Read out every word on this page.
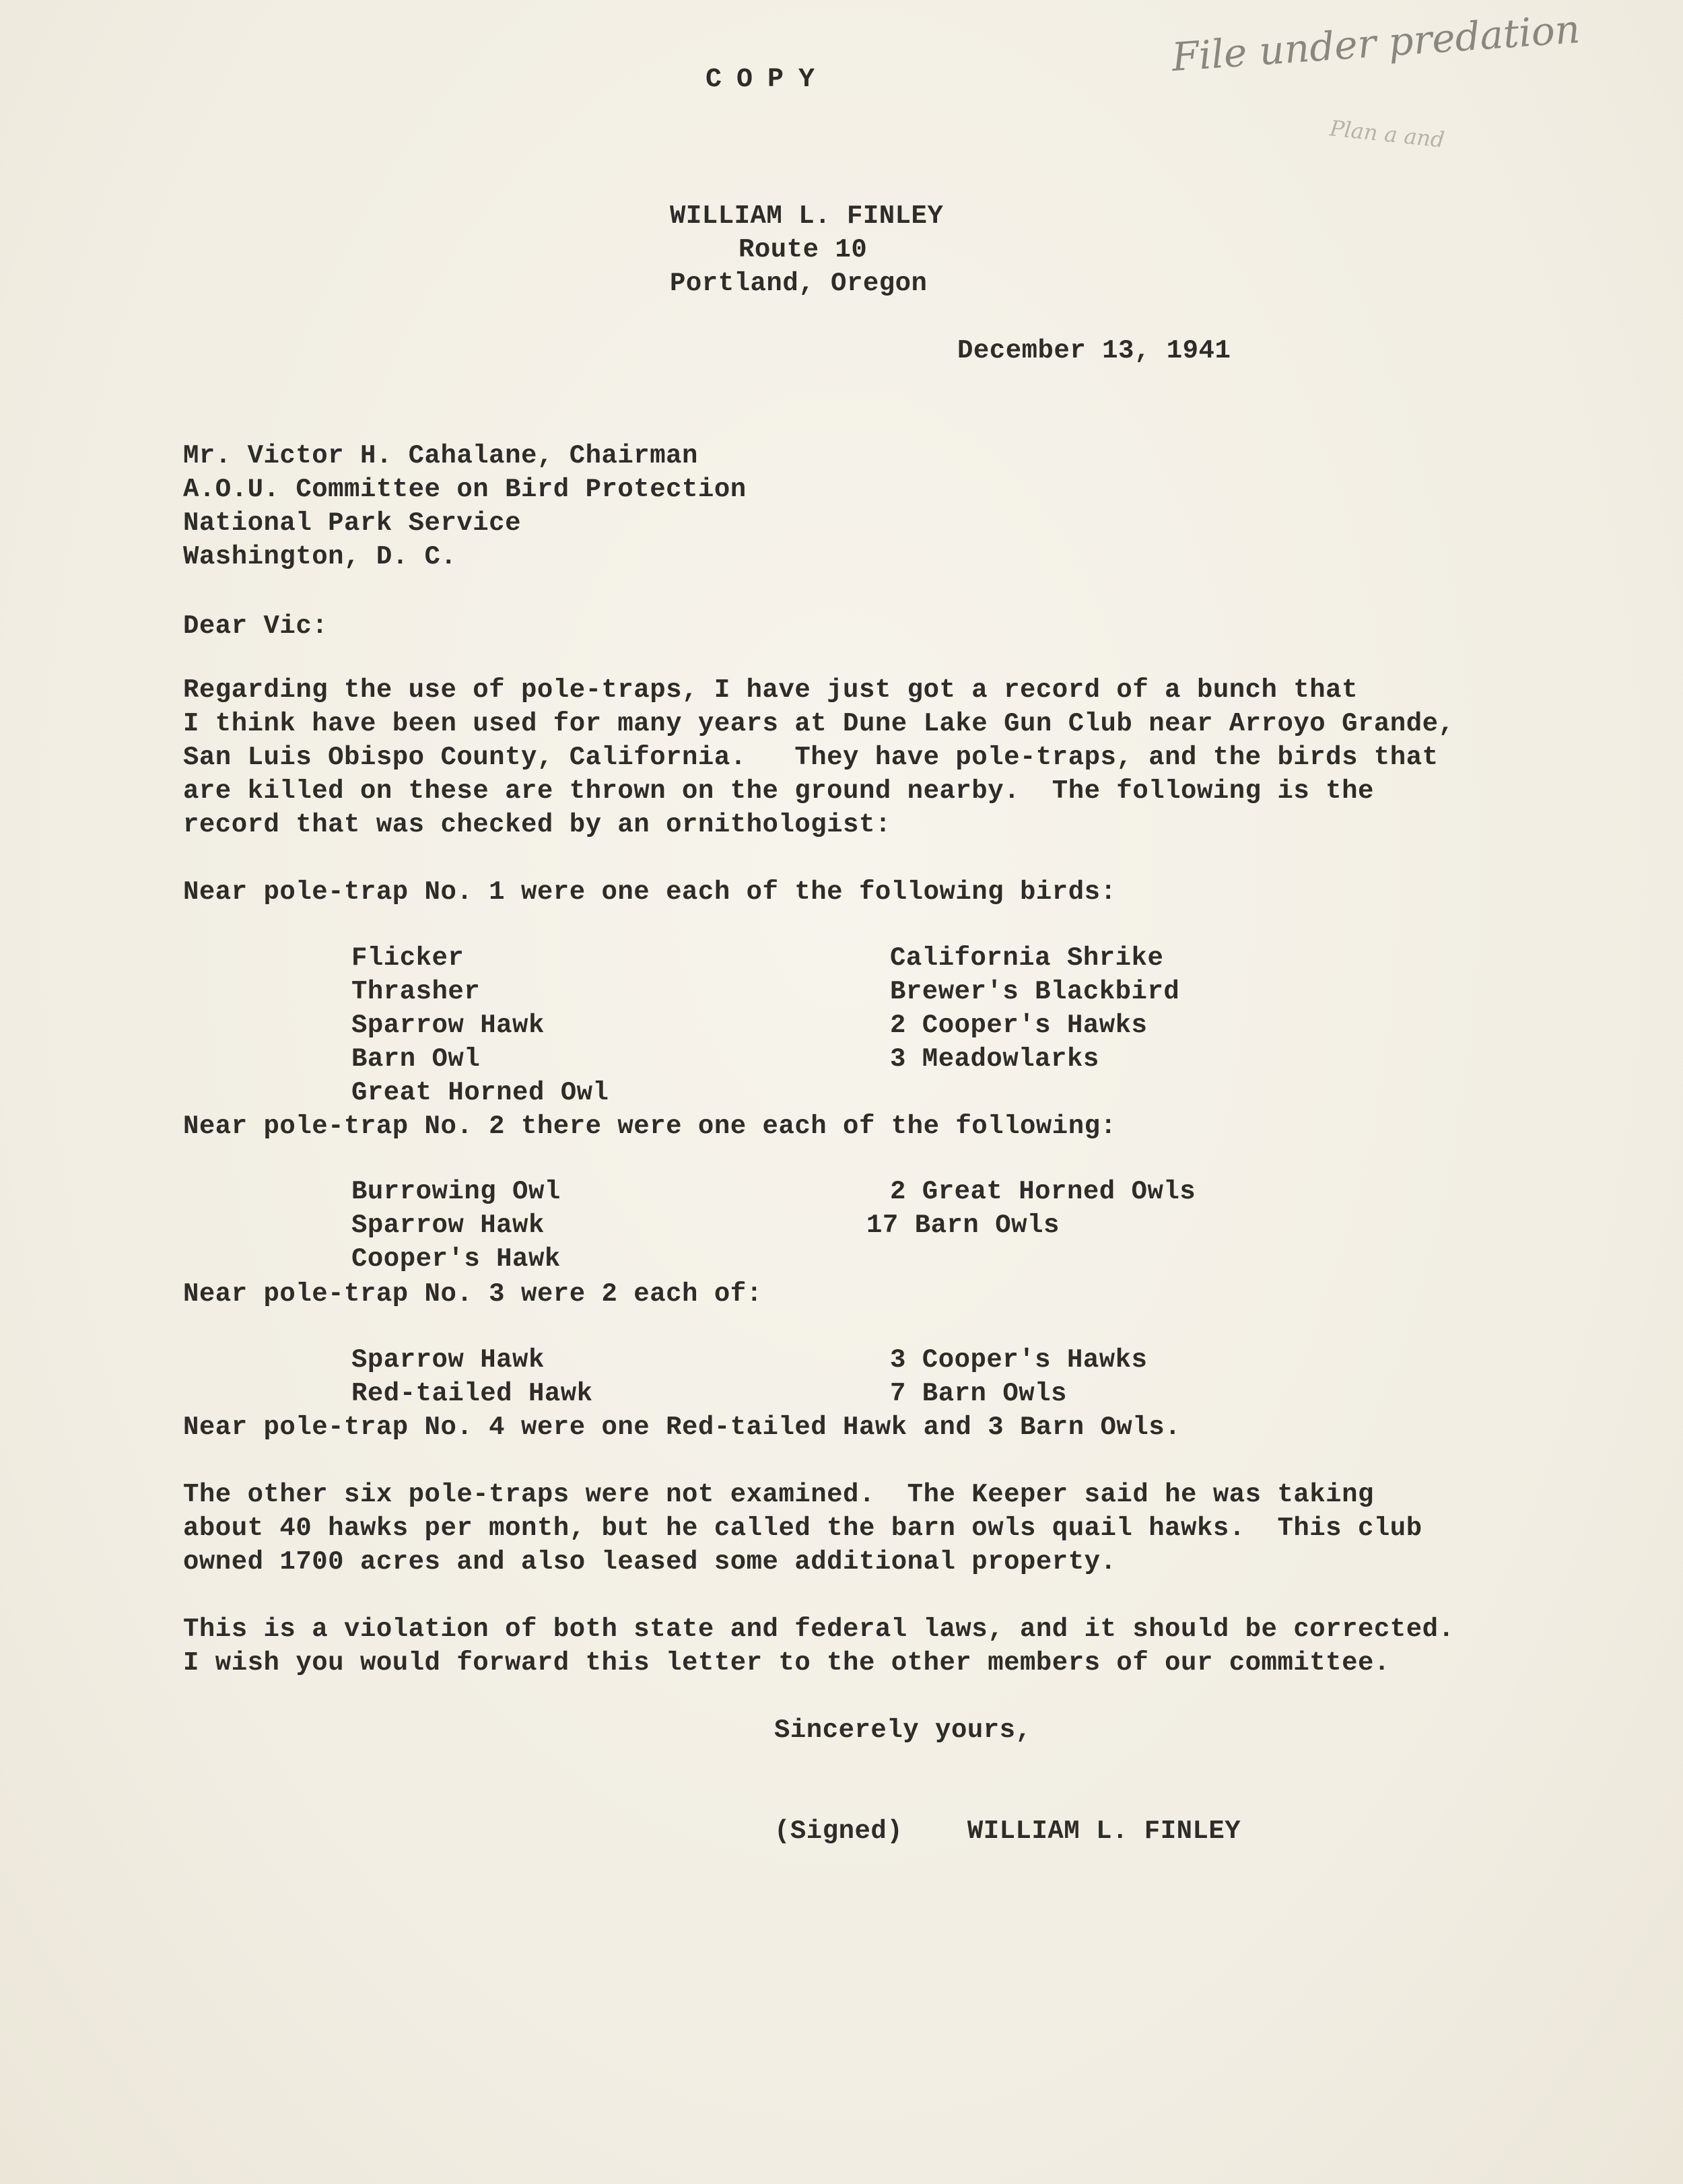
COPY	File under predation
Plan a and
WILLIAM L. FINLEY
Route 10
Portland, Oregon
December 13, 1941
Mr. Victor H. Cahalane, Chairman
A.O.U. Committee on Bird Protection
National Park Service
Washington, D. C.
Dear Vic:
Regarding the use of pole-traps, I have just got a record of a bunch that
I think have been used for many years at Dune Lake Gun Club near Arroyo Grande,
San Luis Obispo County, California.   They have pole-traps, and the birds that
are killed on these are thrown on the ground nearby.  The following is the
record that was checked by an ornithologist:
Near pole-trap No. 1 were one each of the following birds:
Flicker
Thrasher
Sparrow Hawk
Barn Owl
Great Horned Owl
California Shrike
Brewer's Blackbird
2 Cooper's Hawks
3 Meadowlarks
Near pole-trap No. 2 there were one each of the following:
Burrowing Owl
Sparrow Hawk
Cooper's Hawk
2 Great Horned Owls
17 Barn Owls
Near pole-trap No. 3 were 2 each of:
Sparrow Hawk
Red-tailed Hawk
3 Cooper's Hawks
7 Barn Owls
Near pole-trap No. 4 were one Red-tailed Hawk and 3 Barn Owls.
The other six pole-traps were not examined.  The Keeper said he was taking
about 40 hawks per month, but he called the barn owls quail hawks.  This club
owned 1700 acres and also leased some additional property.
This is a violation of both state and federal laws, and it should be corrected.
I wish you would forward this letter to the other members of our committee.
Sincerely yours,
(Signed)    WILLIAM L. FINLEY
